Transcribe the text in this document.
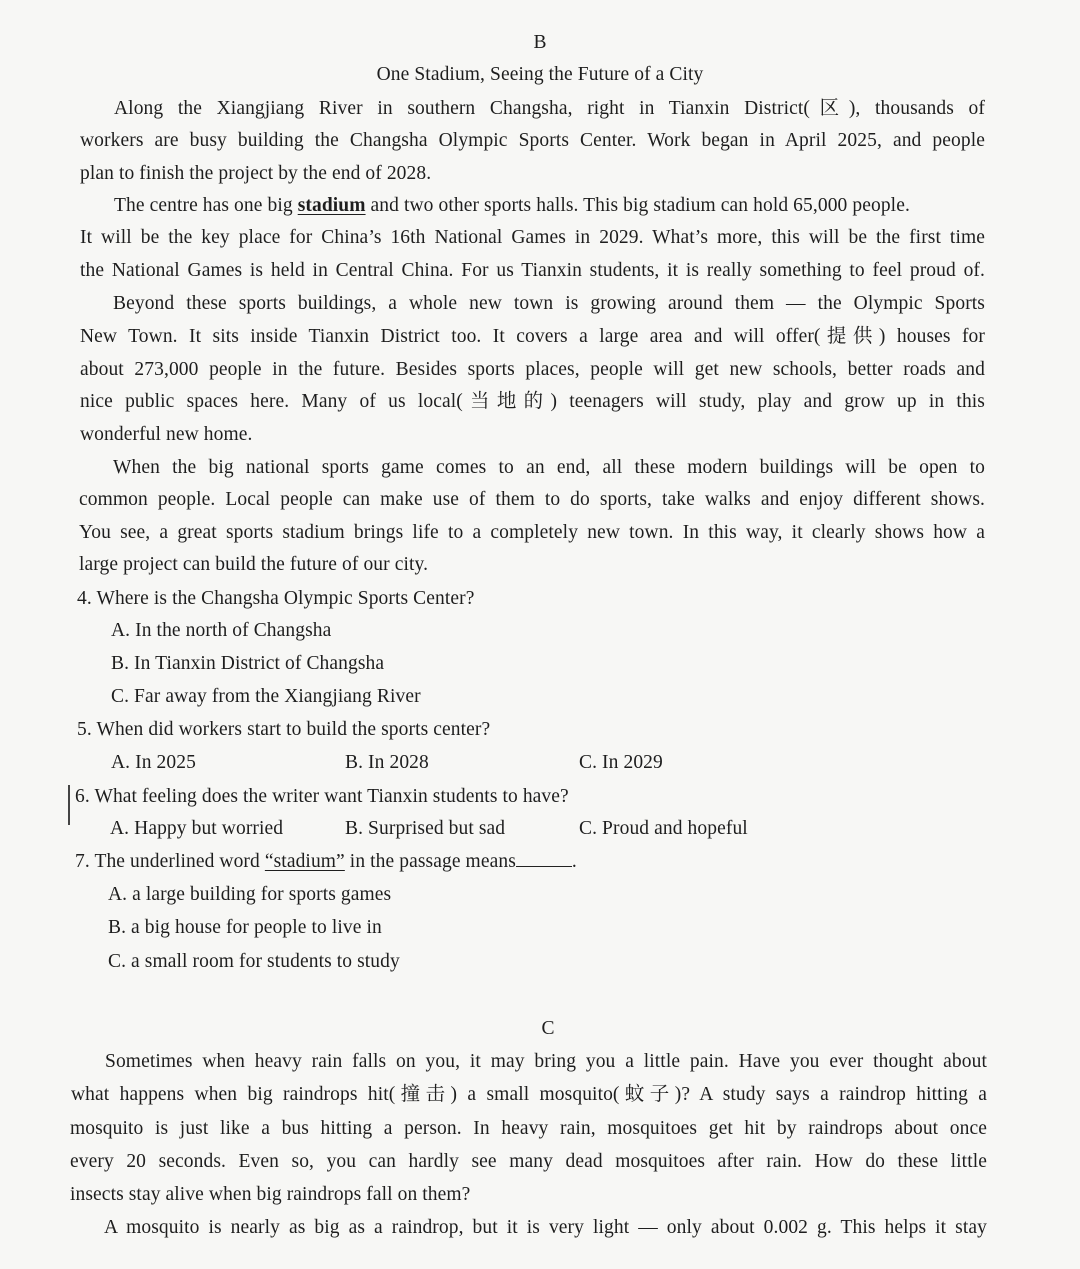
B
One Stadium, Seeing the Future of a City
Along the Xiangjiang River in southern Changsha, right in Tianxin District(区), thousands of
workers are busy building the Changsha Olympic Sports Center. Work began in April 2025, and people
plan to finish the project by the end of 2028.
The centre has one big stadium and two other sports halls. This big stadium can hold 65,000 people.
It will be the key place for China’s 16th National Games in 2029. What’s more, this will be the first time
the National Games is held in Central China. For us Tianxin students, it is really something to feel proud of.
Beyond these sports buildings, a whole new town is growing around them — the Olympic Sports
New Town. It sits inside Tianxin District too. It covers a large area and will offer(提供) houses for
about 273,000 people in the future. Besides sports places, people will get new schools, better roads and
nice public spaces here. Many of us local(当地的) teenagers will study, play and grow up in this
wonderful new home.
When the big national sports game comes to an end, all these modern buildings will be open to
common people. Local people can make use of them to do sports, take walks and enjoy different shows.
You see, a great sports stadium brings life to a completely new town. In this way, it clearly shows how a
large project can build the future of our city.
4. Where is the Changsha Olympic Sports Center?
A. In the north of Changsha
B. In Tianxin District of Changsha
C. Far away from the Xiangjiang River
5. When did workers start to build the sports center?
A. In 2025	B. In 2028	C. In 2029
6. What feeling does the writer want Tianxin students to have?
A. Happy but worried	B. Surprised but sad	C. Proud and hopeful
7. The underlined word “stadium” in the passage means	.
A. a large building for sports games
B. a big house for people to live in
C. a small room for students to study
C
Sometimes when heavy rain falls on you, it may bring you a little pain. Have you ever thought about
what happens when big raindrops hit(撞击) a small mosquito(蚊子)? A study says a raindrop hitting a
mosquito is just like a bus hitting a person. In heavy rain, mosquitoes get hit by raindrops about once
every 20 seconds. Even so, you can hardly see many dead mosquitoes after rain. How do these little
insects stay alive when big raindrops fall on them?
A mosquito is nearly as big as a raindrop, but it is very light — only about 0.002 g. This helps it stay
